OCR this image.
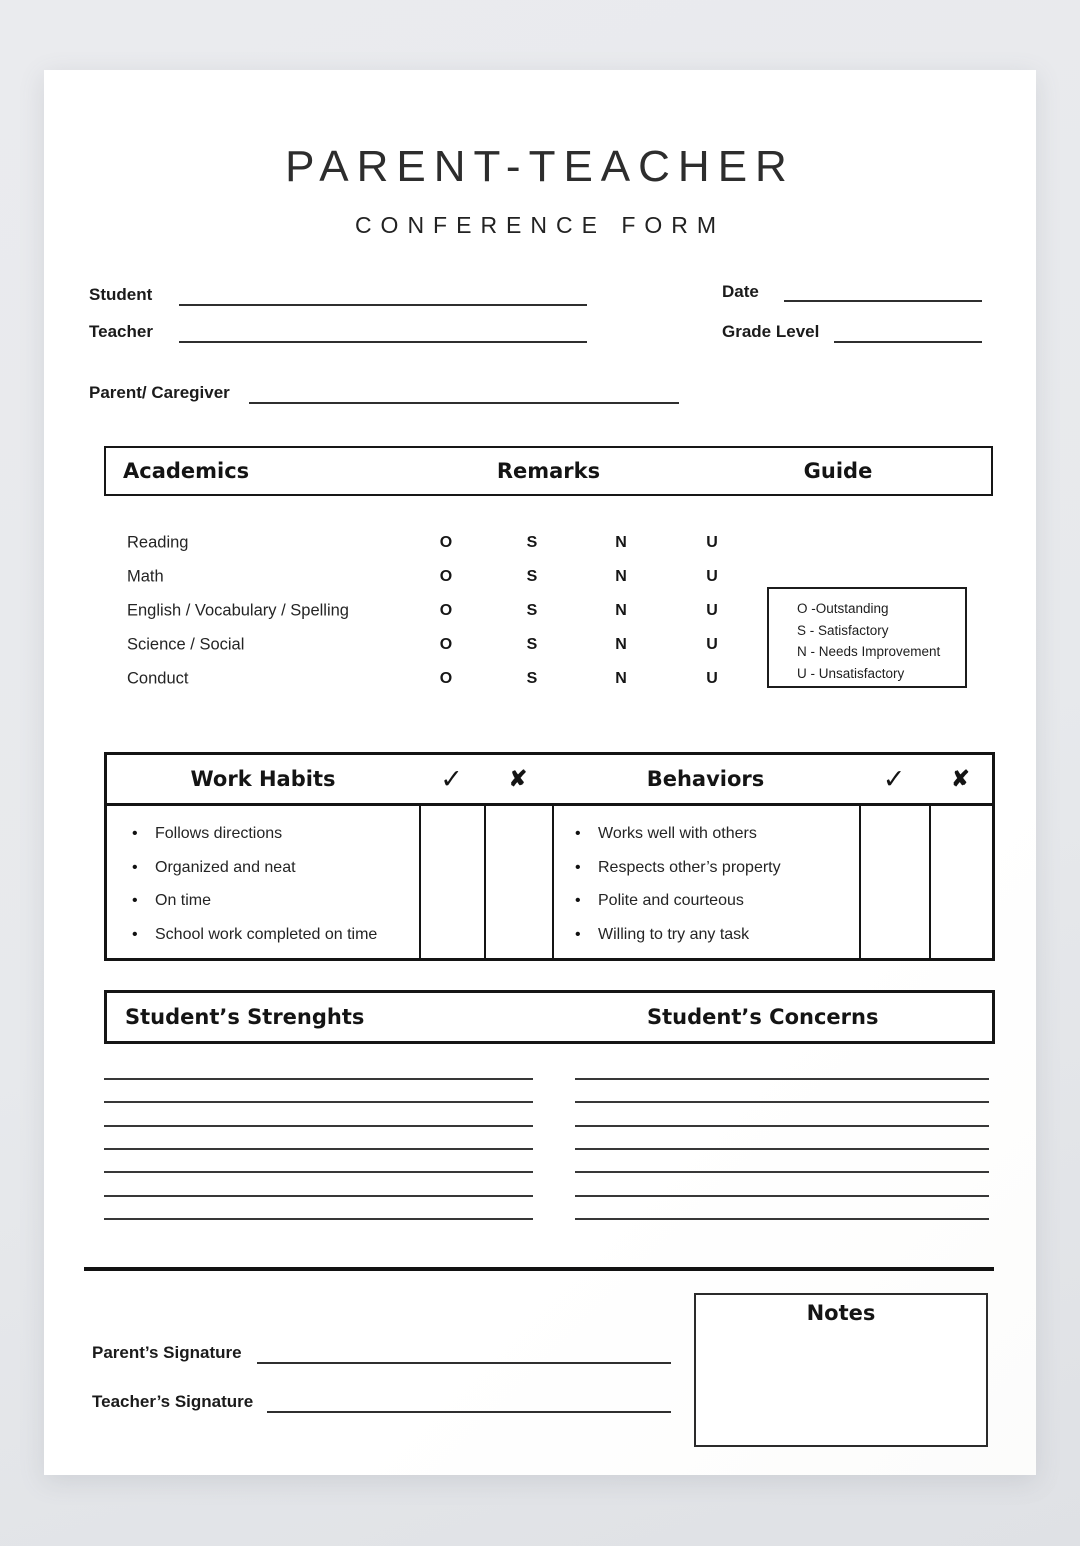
PARENT-TEACHER
CONFERENCE FORM
Student	Date
Teacher	Grade Level
Parent/ Caregiver
Academics	Remarks	Guide
Reading	O	S	N	U
Math	O	S	N	U
English / Vocabulary / Spelling	O	S	N	U
Science / Social	O	S	N	U
Conduct	O	S	N	U
O -Outstanding
S - Satisfactory
N - Needs Improvement
U - Unsatisfactory
Work Habits	✓	✘	Behaviors	✓	✘
• Follows directions
• Organized and neat
• On time
• School work completed on time
• Works well with others
• Respects other’s property
• Polite and courteous
• Willing to try any task
Student’s Strenghts	Student’s Concerns
Notes
Parent’s Signature
Teacher’s Signature
